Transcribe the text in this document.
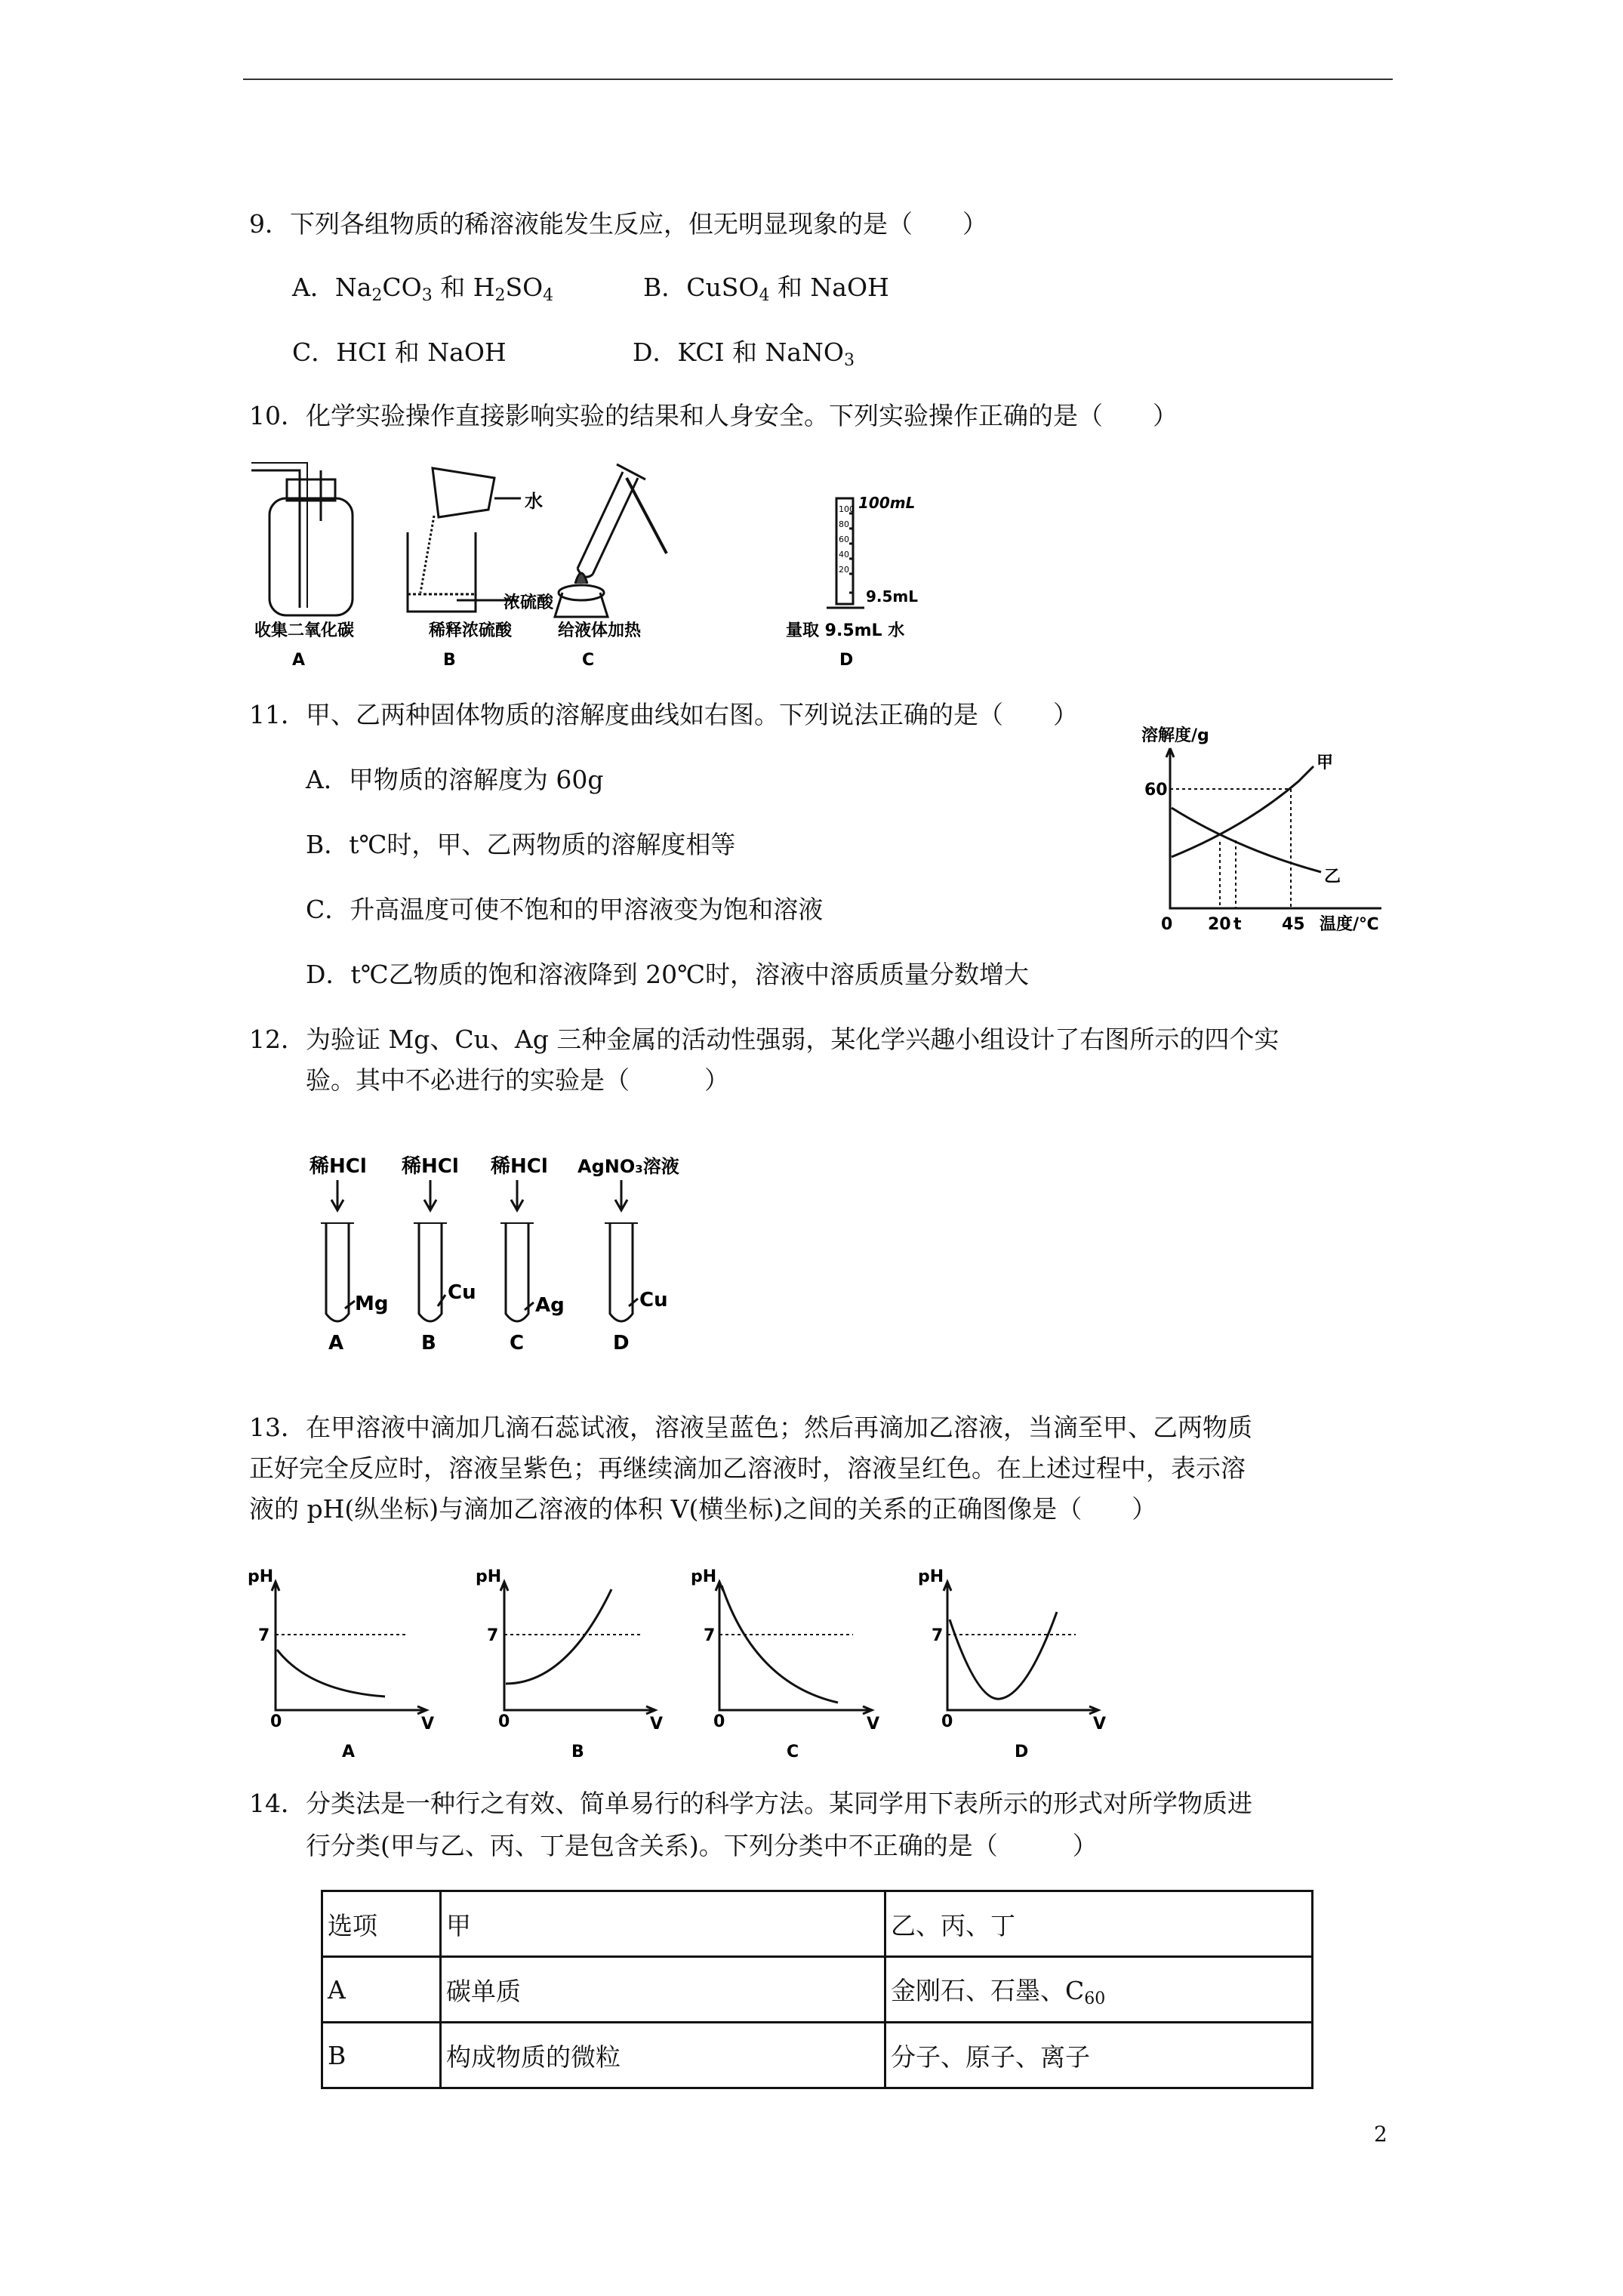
9．下列各组物质的稀溶液能发生反应，但无明显现象的是（　　）
A．$Na_2CO_3$ 和 $H_2SO_4$	B．CuSO$_4$ 和 NaOH
C．HCI 和 NaOH	D．KCI 和 NaNO$_3$
10．化学实验操作直接影响实验的结果和人身安全。下列实验操作正确的是（　　）
水
浓硫酸
100
80
60
40
20
100mL
9.5mL
收集二氧化碳	稀释浓硫酸	给液体加热	量取 9.5mL 水
A	B	C	D
11．甲、乙两种固体物质的溶解度曲线如右图。下列说法正确的是（　　）
A．甲物质的溶解度为 60g
B．t℃时，甲、乙两物质的溶解度相等
C．升高温度可使不饱和的甲溶液变为饱和溶液
D．t℃乙物质的饱和溶液降到 20℃时，溶液中溶质质量分数增大
溶解度/g
60
甲
乙
0 20 t 45 温度/℃
12．为验证 Mg、Cu、Ag 三种金属的活动性强弱，某化学兴趣小组设计了右图所示的四个实
验。其中不必进行的实验是（　　　）
稀HCl 稀HCl 稀HCl AgNO₃溶液
Mg	Cu
Ag	Cu
A	B	C	D
13．在甲溶液中滴加几滴石蕊试液，溶液呈蓝色；然后再滴加乙溶液，当滴至甲、乙两物质
正好完全反应时，溶液呈紫色；再继续滴加乙溶液时，溶液呈红色。在上述过程中，表示溶
液的 pH(纵坐标)与滴加乙溶液的体积 V(横坐标)之间的关系的正确图像是（　　）
pH
7
0	V
A
pH
7
0	V
B
pH
7
0	V
C
pH
7
0	V
D
14．分类法是一种行之有效、简单易行的科学方法。某同学用下表所示的形式对所学物质进
行分类(甲与乙、丙、丁是包含关系)。下列分类中不正确的是（　　　）
选项	甲	乙、丙、丁
A	碳单质	金刚石、石墨、$C_{60}$
B	构成物质的微粒	分子、原子、离子
2
